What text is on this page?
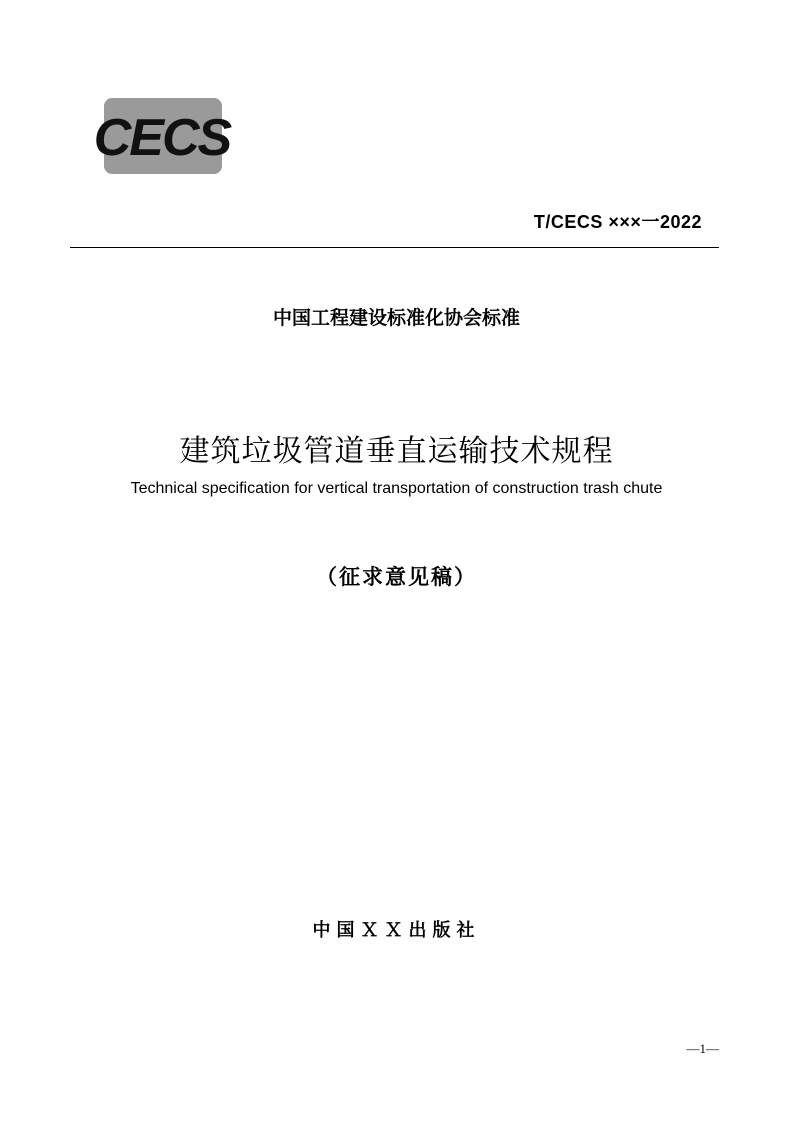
CECS
T/CECS ×××一2022
中国工程建设标准化协会标准
建筑垃圾管道垂直运输技术规程
Technical specification for vertical transportation of construction trash chute
（征求意见稿）
中国ＸＸ出版社
—1—
